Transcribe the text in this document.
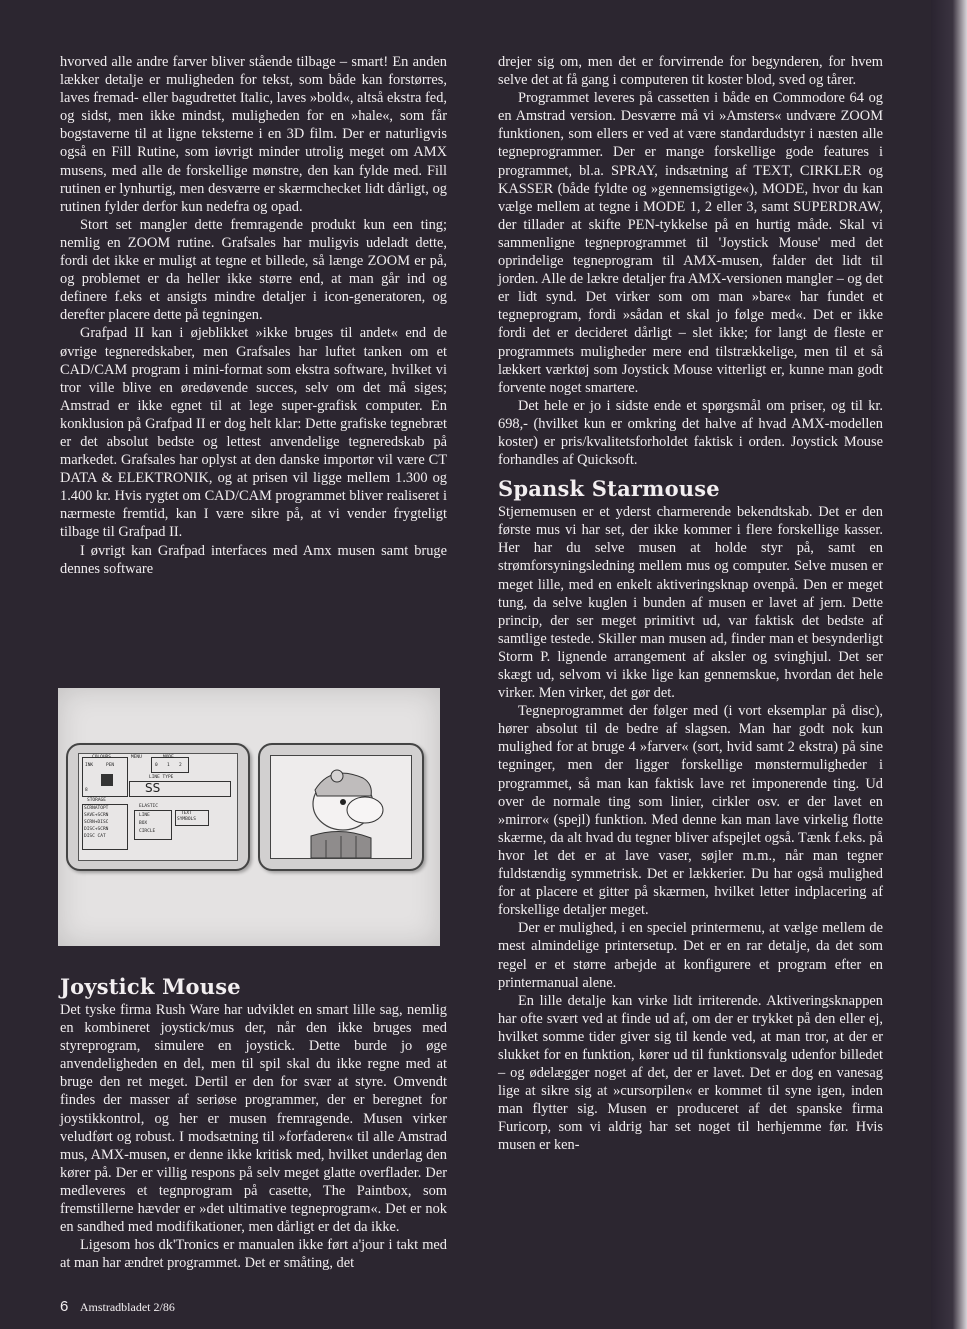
hvorved alle andre farver bliver stående tilbage – smart! En anden lækker detalje er muligheden for tekst, som både kan forstørres, laves fremad- eller bagudrettet Italic, laves »bold«, altså ekstra fed, og sidst, men ikke mindst, muligheden for en »hale«, som får bogstaverne til at ligne teksterne i en 3D film. Der er naturligvis også en Fill Rutine, som iøvrigt minder utrolig meget om AMX musens, med alle de forskellige mønstre, den kan fylde med. Fill rutinen er lynhurtig, men desværre er skærmchecket lidt dårligt, og rutinen fylder derfor kun nedefra og opad.

Stort set mangler dette fremragende produkt kun een ting; nemlig en ZOOM rutine. Grafsales har muligvis udeladt dette, fordi det ikke er muligt at tegne et billede, så længe ZOOM er på, og problemet er da heller ikke større end, at man går ind og definere f.eks et ansigts mindre detaljer i icon-generatoren, og derefter placere dette på tegningen.

Grafpad II kan i øjeblikket »ikke bruges til andet« end de øvrige tegneredskaber, men Grafsales har luftet tanken om et CAD/CAM program i mini-format som ekstra software, hvilket vi tror ville blive en øredøvende succes, selv om det må siges; Amstrad er ikke egnet til at lege super-grafisk computer. En konklusion på Grafpad II er dog helt klar: Dette grafiske tegnebræt er det absolut bedste og lettest anvendelige tegneredskab på markedet. Grafsales har oplyst at den danske importør vil være CT DATA & ELEKTRONIK, og at prisen vil ligge mellem 1.300 og 1.400 kr. Hvis rygtet om CAD/CAM programmet bliver realiseret i nærmeste fremtid, kan I være sikre på, at vi vender frygteligt tilbage til Grafpad II.

I øvrigt kan Grafpad interfaces med Amx musen samt bruge dennes software

COLOURS
INK	PEN
8
MENU	MODE
0 1 2
LINE TYPE
ЅЅ
STORAGE
SCRNATOPT
SAVE+SCRN
SCRN+DISC
DISC+SCRN
DISC CAT
ELASTIC
LINE
BOX
CIRCLE
TEXT
SYMBOLS
Joystick Mouse

Det tyske firma Rush Ware har udviklet en smart lille sag, nemlig en kombineret joystick/mus der, når den ikke bruges med styreprogram, simulere en joystick. Dette burde jo øge anvendeligheden en del, men til spil skal du ikke regne med at bruge den ret meget. Dertil er den for svær at styre. Omvendt findes der masser af seriøse programmer, der er beregnet for joystikkontrol, og her er musen fremragende. Musen virker veludført og robust. I modsætning til »forfaderen« til alle Amstrad mus, AMX-musen, er denne ikke kritisk med, hvilket underlag den kører på. Der er villig respons på selv meget glatte overflader. Der medleveres et tegnprogram på casette, The Paintbox, som fremstillerne hævder er »det ultimative tegneprogram«. Det er nok en sandhed med modifikationer, men dårligt er det da ikke.

Ligesom hos dk'Tronics er manualen ikke ført a'jour i takt med at man har ændret programmet. Det er småting, det

drejer sig om, men det er forvirrende for begynderen, for hvem selve det at få gang i computeren tit koster blod, sved og tårer.

Programmet leveres på cassetten i både en Commodore 64 og en Amstrad version. Desværre må vi »Amsters« undvære ZOOM funktionen, som ellers er ved at være standardudstyr i næsten alle tegneprogrammer. Der er mange forskellige gode features i programmet, bl.a. SPRAY, indsætning af TEXT, CIRKLER og KASSER (både fyldte og »gennemsigtige«), MODE, hvor du kan vælge mellem at tegne i MODE 1, 2 eller 3, samt SUPERDRAW, der tillader at skifte PEN-tykkelse på en hurtig måde. Skal vi sammenligne tegneprogrammet til 'Joystick Mouse' med det oprindelige tegneprogram til AMX-musen, falder det lidt til jorden. Alle de lækre detaljer fra AMX-versionen mangler – og det er lidt synd. Det virker som om man »bare« har fundet et tegneprogram, fordi »sådan et skal jo følge med«. Det er ikke fordi det er decideret dårligt – slet ikke; for langt de fleste er programmets muligheder mere end tilstrækkelige, men til et så lækkert værktøj som Joystick Mouse vitterligt er, kunne man godt forvente noget smartere.

Det hele er jo i sidste ende et spørgsmål om priser, og til kr. 698,- (hvilket kun er omkring det halve af hvad AMX-modellen koster) er pris/kvalitetsforholdet faktisk i orden. Joystick Mouse forhandles af Quicksoft.

Spansk Starmouse

Stjernemusen er et yderst charmerende bekendtskab. Det er den første mus vi har set, der ikke kommer i flere forskellige kasser. Her har du selve musen at holde styr på, samt en strømforsyningsledning mellem mus og computer. Selve musen er meget lille, med en enkelt aktiveringsknap ovenpå. Den er meget tung, da selve kuglen i bunden af musen er lavet af jern. Dette princip, der ser meget primitivt ud, var faktisk det bedste af samtlige testede. Skiller man musen ad, finder man et besynderligt Storm P. lignende arrangement af aksler og svinghjul. Det ser skægt ud, selvom vi ikke lige kan gennemskue, hvordan det hele virker. Men virker, det gør det.

Tegneprogrammet der følger med (i vort eksemplar på disc), hører absolut til de bedre af slagsen. Man har godt nok kun mulighed for at bruge 4 »farver« (sort, hvid samt 2 ekstra) på sine tegninger, men der ligger forskellige mønstermuligheder i programmet, så man kan faktisk lave ret imponerende ting. Ud over de normale ting som linier, cirkler osv. er der lavet en »mirror« (spejl) funktion. Med denne kan man lave virkelig flotte skærme, da alt hvad du tegner bliver afspejlet også. Tænk f.eks. på hvor let det er at lave vaser, søjler m.m., når man tegner fuldstændig symmetrisk. Det er lækkerier. Du har også mulighed for at placere et gitter på skærmen, hvilket letter indplacering af forskellige detaljer meget.

Der er mulighed, i en speciel printermenu, at vælge mellem de mest almindelige printersetup. Det er en rar detalje, da det som regel er et større arbejde at konfigurere et program efter en printermanual alene.

En lille detalje kan virke lidt irriterende. Aktiveringsknappen har ofte svært ved at finde ud af, om der er trykket på den eller ej, hvilket somme tider giver sig til kende ved, at man tror, at der er slukket for en funktion, kører ud til funktionsvalg udenfor billedet – og ødelægger noget af det, der er lavet. Det er dog en vanesag lige at sikre sig at »cursorpilen« er kommet til syne igen, inden man flytter sig. Musen er produceret af det spanske firma Furicorp, som vi aldrig har set noget til herhjemme før. Hvis musen er ken-

6 Amstradbladet 2/86
